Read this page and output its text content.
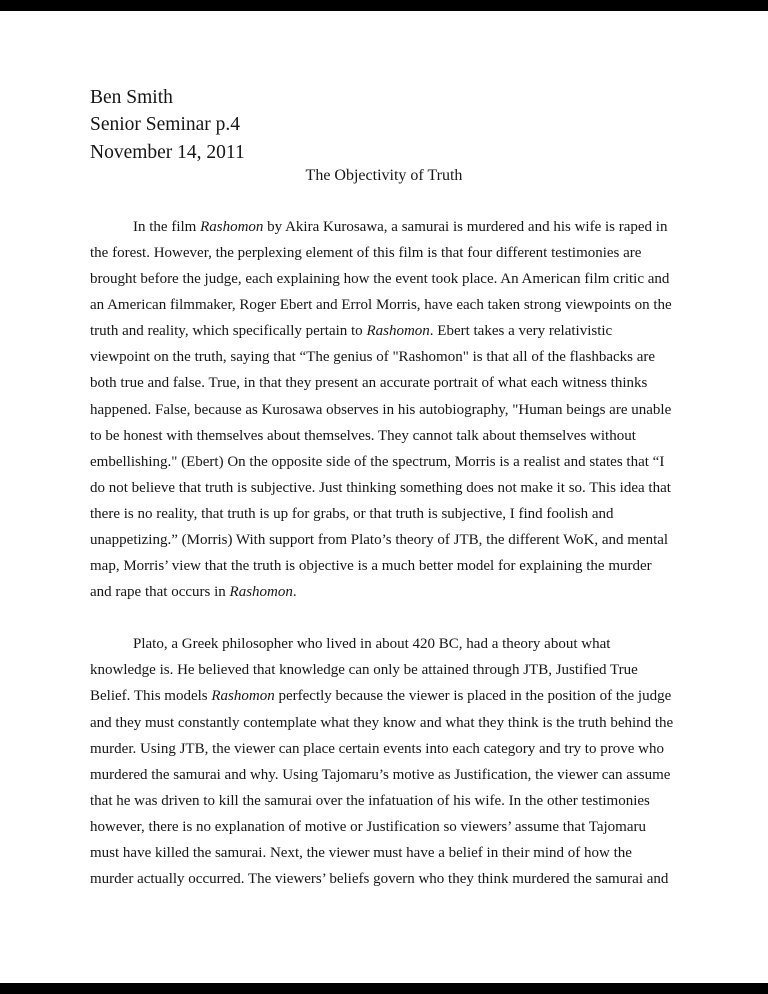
Ben Smith
Senior Seminar p.4
November 14, 2011
The Objectivity of Truth

In the film Rashomon by Akira Kurosawa, a samurai is murdered and his wife is raped in
the forest. However, the perplexing element of this film is that four different testimonies are
brought before the judge, each explaining how the event took place. An American film critic and
an American filmmaker, Roger Ebert and Errol Morris, have each taken strong viewpoints on the
truth and reality, which specifically pertain to Rashomon. Ebert takes a very relativistic
viewpoint on the truth, saying that “The genius of "Rashomon" is that all of the flashbacks are
both true and false. True, in that they present an accurate portrait of what each witness thinks
happened. False, because as Kurosawa observes in his autobiography, "Human beings are unable
to be honest with themselves about themselves. They cannot talk about themselves without
embellishing." (Ebert) On the opposite side of the spectrum, Morris is a realist and states that “I
do not believe that truth is subjective. Just thinking something does not make it so. This idea that
there is no reality, that truth is up for grabs, or that truth is subjective, I find foolish and
unappetizing.” (Morris) With support from Plato’s theory of JTB, the different WoK, and mental
map, Morris’ view that the truth is objective is a much better model for explaining the murder
and rape that occurs in Rashomon.

Plato, a Greek philosopher who lived in about 420 BC, had a theory about what
knowledge is. He believed that knowledge can only be attained through JTB, Justified True
Belief. This models Rashomon perfectly because the viewer is placed in the position of the judge
and they must constantly contemplate what they know and what they think is the truth behind the
murder. Using JTB, the viewer can place certain events into each category and try to prove who
murdered the samurai and why. Using Tajomaru’s motive as Justification, the viewer can assume
that he was driven to kill the samurai over the infatuation of his wife. In the other testimonies
however, there is no explanation of motive or Justification so viewers’ assume that Tajomaru
must have killed the samurai. Next, the viewer must have a belief in their mind of how the
murder actually occurred. The viewers’ beliefs govern who they think murdered the samurai and
